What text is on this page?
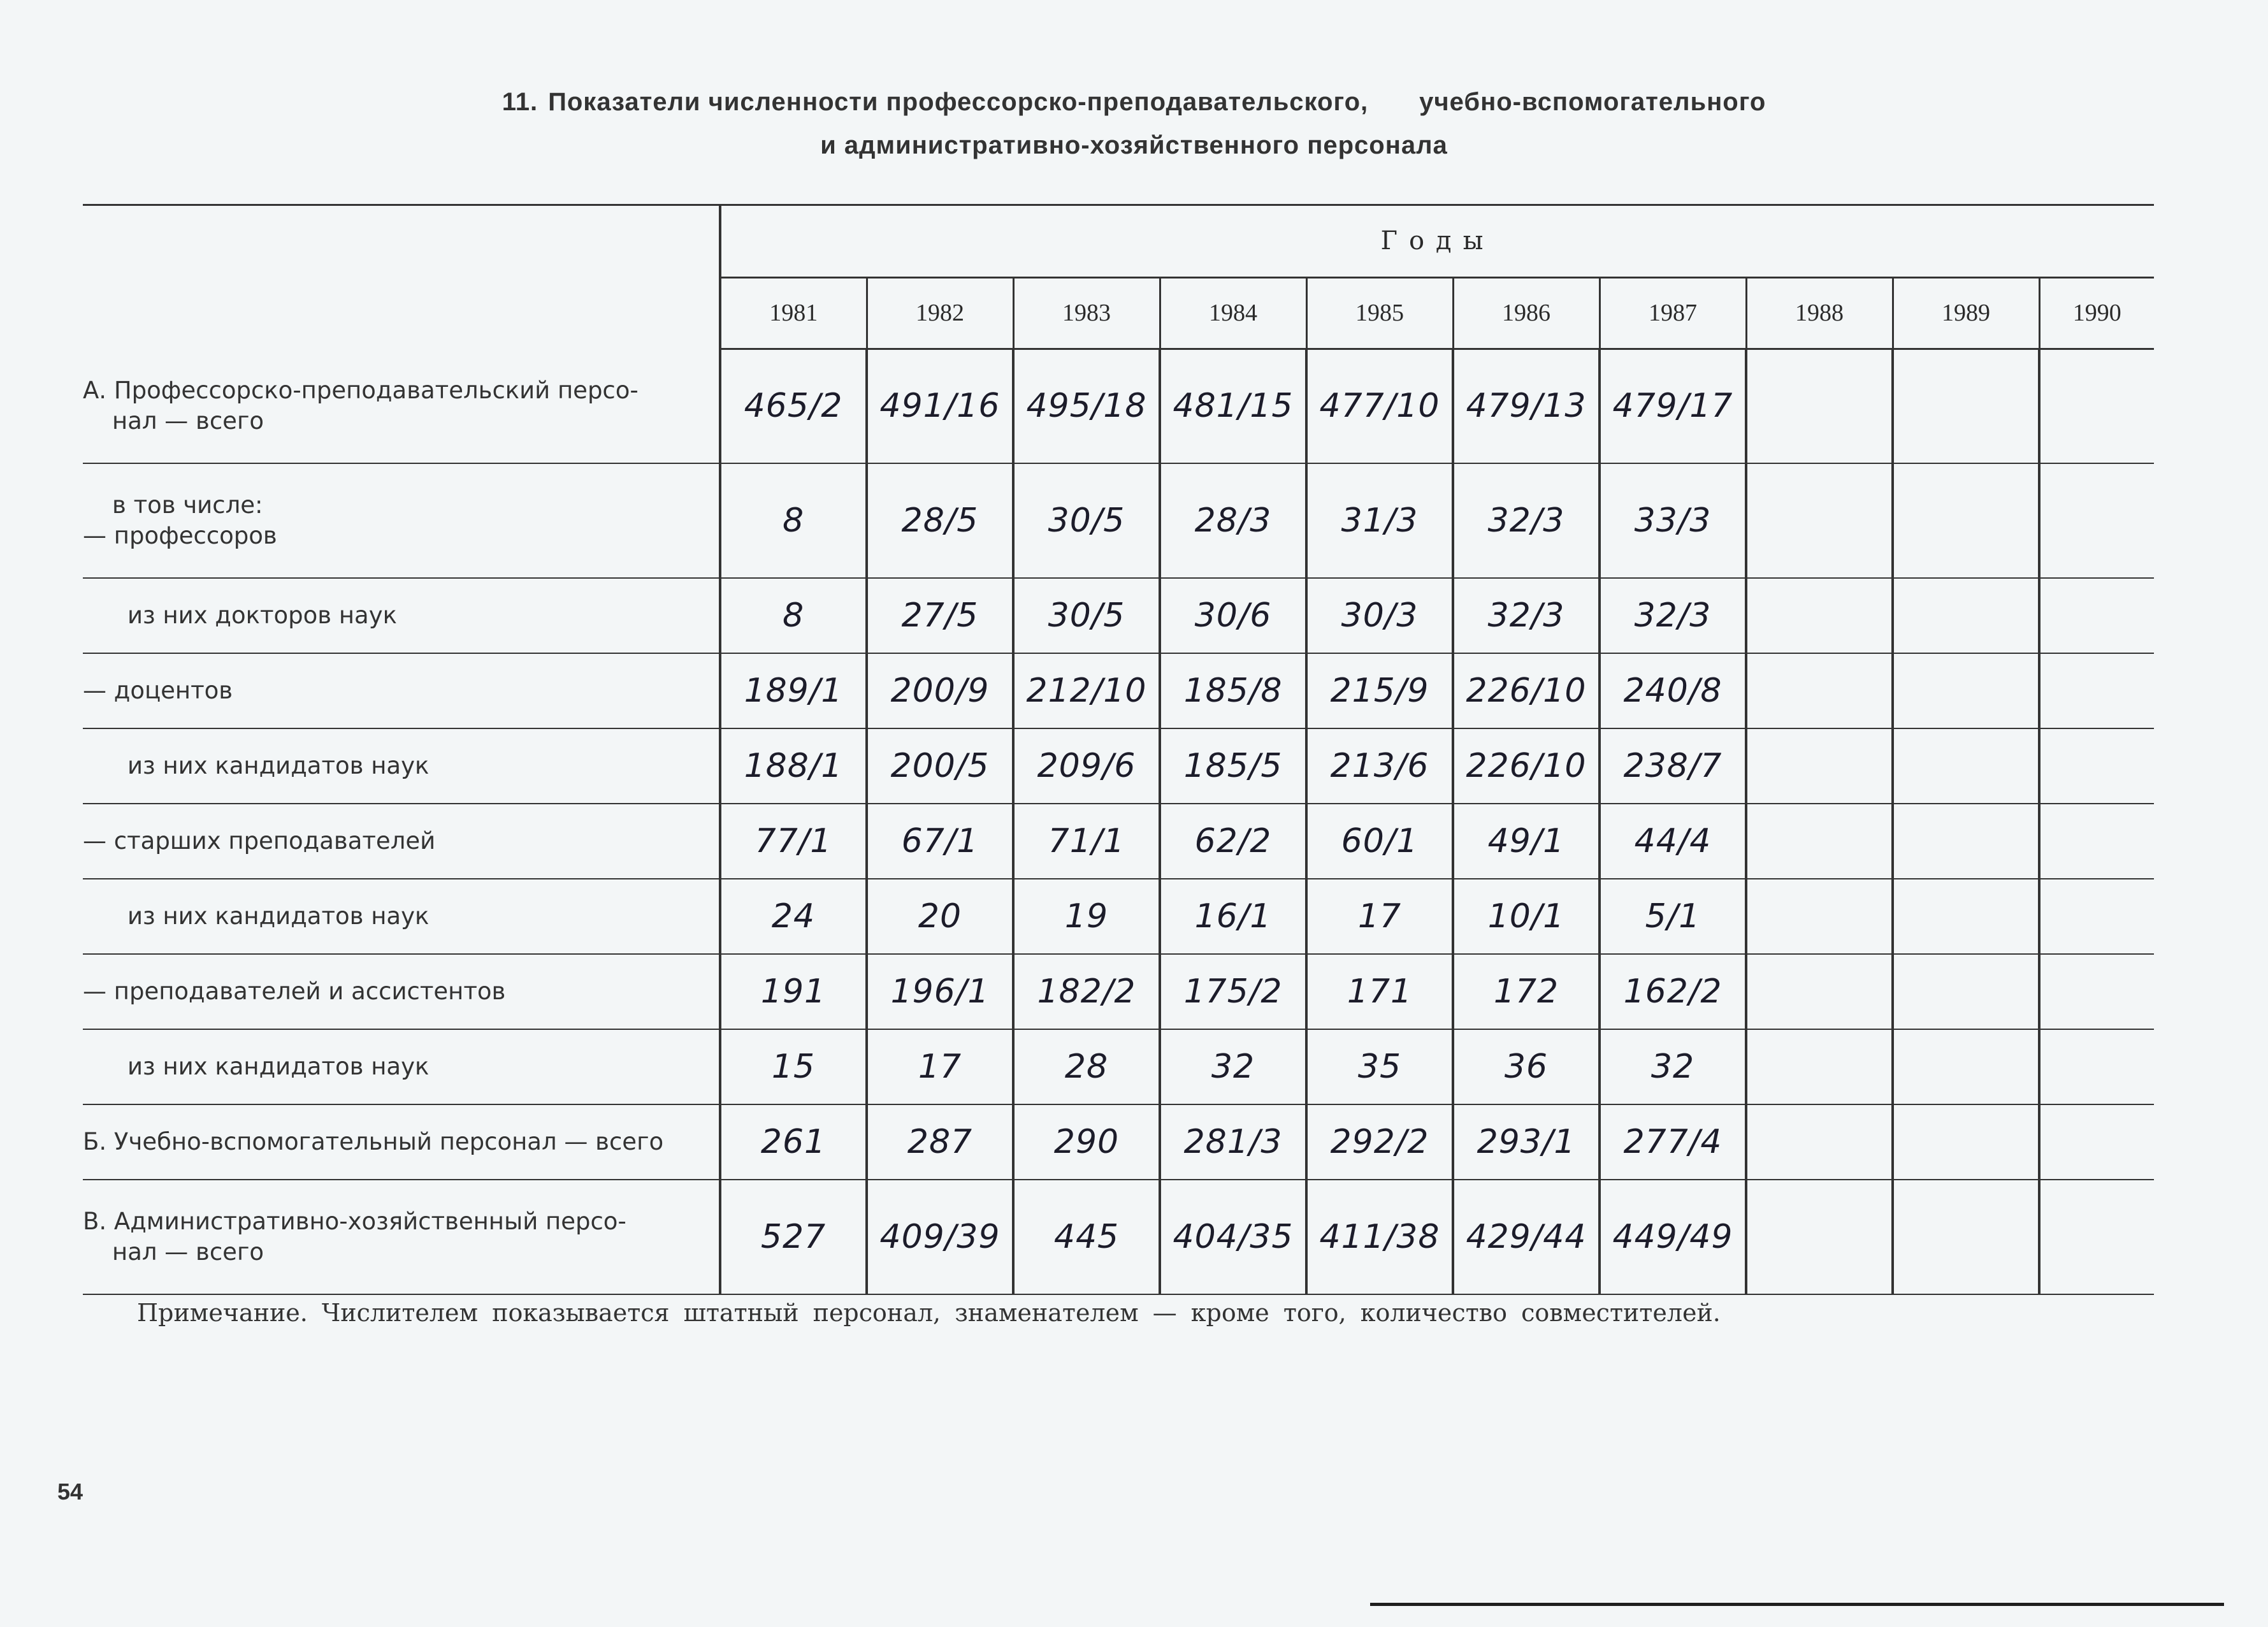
11. Показатели численности профессорско-преподавательского, учебно-вспомогательного
и административно-хозяйственного персонала

	Годы									
	1981	1982	1983	1984	1985	1986	1987	1988	1989	1990

А. Профессорско-преподавательский персо-
нал — всего	465/2	491/16	495/18	481/15	477/10	479/13	479/17			

в тов числе:
— профессоров	8	28/5	30/5	28/3	31/3	32/3	33/3			

из них докторов наук	8	27/5	30/5	30/6	30/3	32/3	32/3			

— доцентов	189/1	200/9	212/10	185/8	215/9	226/10	240/8			

из них кандидатов наук	188/1	200/5	209/6	185/5	213/6	226/10	238/7			

— старших преподавателей	77/1	67/1	71/1	62/2	60/1	49/1	44/4			

из них кандидатов наук	24	20	19	16/1	17	10/1	5/1			

— преподавателей и ассистентов	191	196/1	182/2	175/2	171	172	162/2			

из них кандидатов наук	15	17	28	32	35	36	32			

Б. Учебно-вспомогательный персонал — всего	261	287	290	281/3	292/2	293/1	277/4			

В. Административно-хозяйственный персо-
нал — всего	527	409/39	445	404/35	411/38	429/44	449/49			
Примечание. Числителем показывается штатный персонал, знаменателем — кроме того, количество совместителей.
54
